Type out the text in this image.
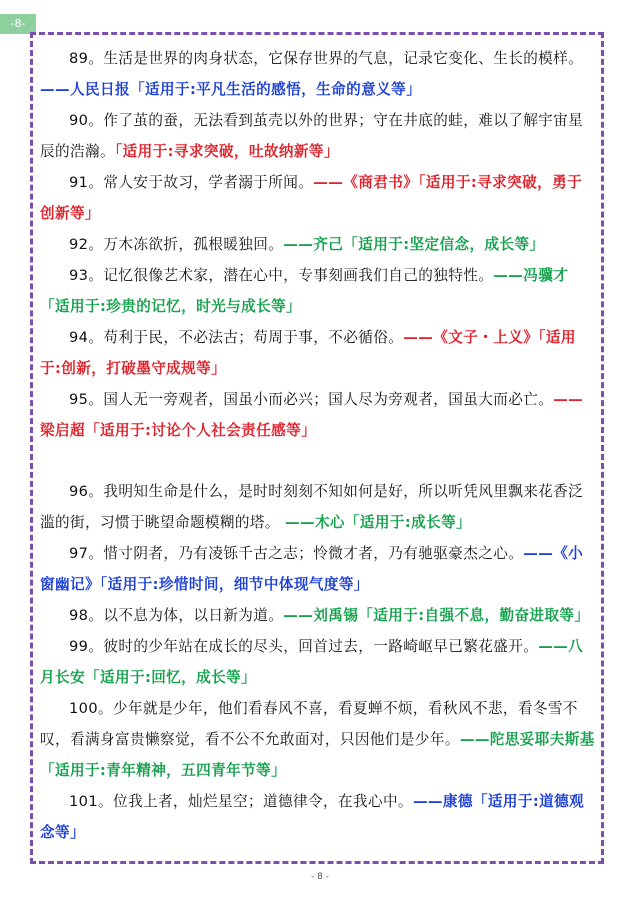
-8-

89。生活是世界的肉身状态，它保存世界的气息，记录它变化、生长的模样。——人民日报「适用于:平凡生活的感悟，生命的意义等」

90。作了茧的蚕，无法看到茧壳以外的世界；守在井底的蛙，难以了解宇宙星辰的浩瀚。「适用于:寻求突破，吐故纳新等」

91。常人安于故习，学者溺于所闻。——《商君书》「适用于:寻求突破，勇于创新等」

92。万木冻欲折，孤根暖独回。——齐己「适用于:坚定信念，成长等」

93。记忆很像艺术家，潜在心中，专事刻画我们自己的独特性。——冯骥才「适用于:珍贵的记忆，时光与成长等」

94。苟利于民，不必法古；苟周于事，不必循俗。——《文子・上义》「适用于:创新，打破墨守成规等」

95。国人无一旁观者，国虽小而必兴；国人尽为旁观者，国虽大而必亡。——梁启超「适用于:讨论个人社会责任感等」

96。我明知生命是什么，是时时刻刻不知如何是好，所以听凭风里飘来花香泛滥的街，习惯于眺望命题模糊的塔。 ——木心「适用于:成长等」

97。惜寸阴者，乃有凌铄千古之志；怜微才者，乃有驰驱豪杰之心。——《小窗幽记》「适用于:珍惜时间，细节中体现气度等」

98。以不息为体，以日新为道。——刘禹锡「适用于:自强不息，勤奋进取等」

99。彼时的少年站在成长的尽头，回首过去，一路崎岖早已繁花盛开。——八月长安「适用于:回忆，成长等」

100。少年就是少年，他们看春风不喜，看夏蝉不烦，看秋风不悲，看冬雪不叹，看满身富贵懒察觉，看不公不允敢面对，只因他们是少年。——陀思妥耶夫斯基「适用于:青年精神，五四青年节等」

101。位我上者，灿烂星空；道德律令，在我心中。——康德「适用于:道德观念等」

- 8 -
